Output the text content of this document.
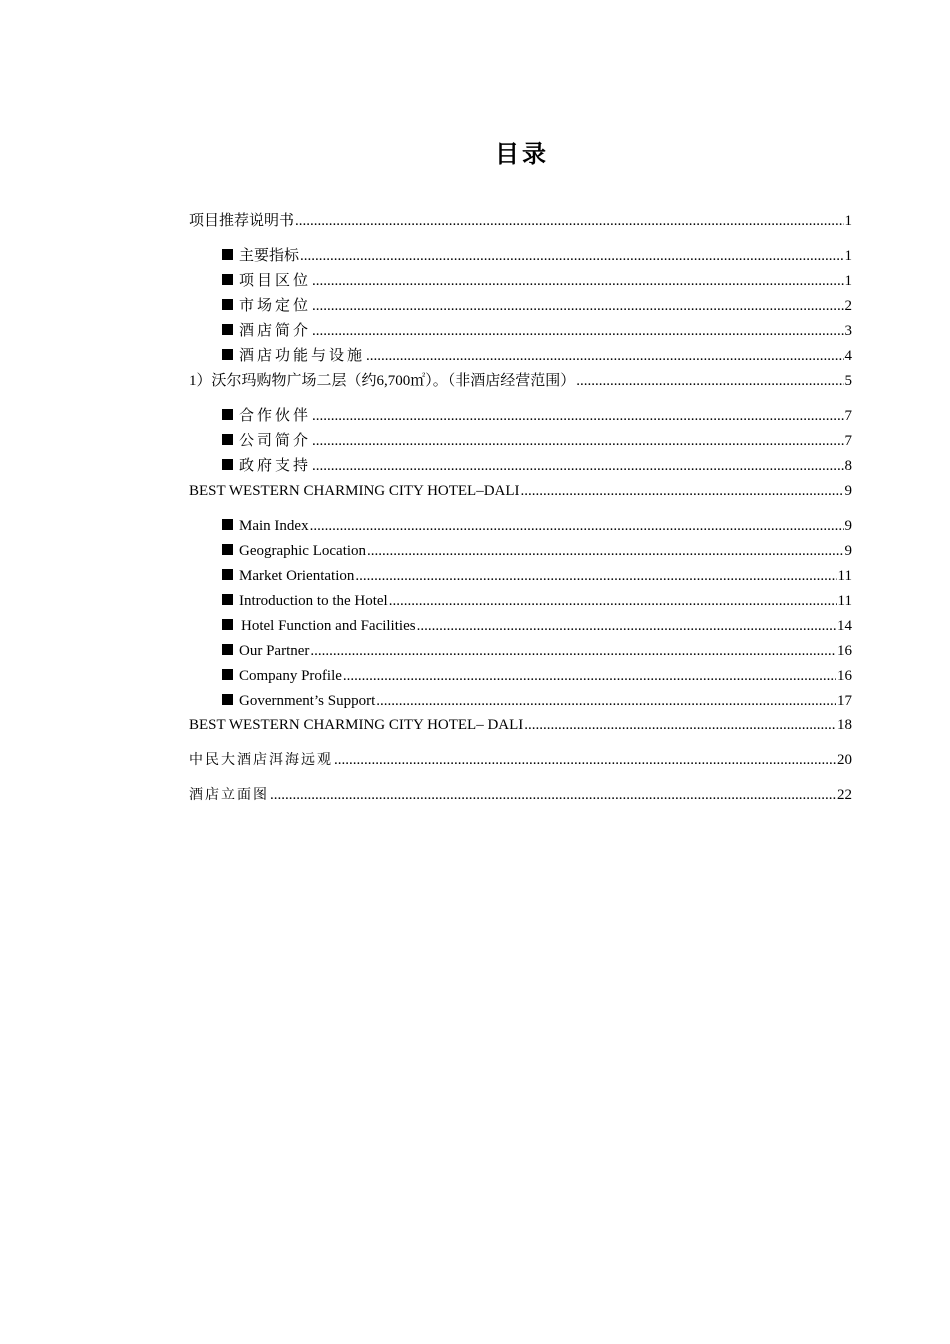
目录
项目推荐说明书 .....	1
主要指标 .....	1
项目区位 .....	1
市场定位 .....	2
酒店简介 .....	3
酒店功能与设施 .....	4
1）沃尔玛购物广场二层（约6,700㎡）。（非酒店经营范围） .....	5
合作伙伴 .....	7
公司简介 .....	7
政府支持 .....	8
BEST WESTERN CHARMING CITY HOTEL–DALI .....	9
Main Index .....	9
Geographic Location .....	9
Market Orientation .....	11
Introduction to the Hotel .....	11
Hotel Function and Facilities .....	14
Our Partner .....	16
Company Profile .....	16
Government’s Support .....	17
BEST WESTERN CHARMING CITY HOTEL– DALI .....	18
中民大酒店洱海远观 .....	20
酒店立面图 .....	22
